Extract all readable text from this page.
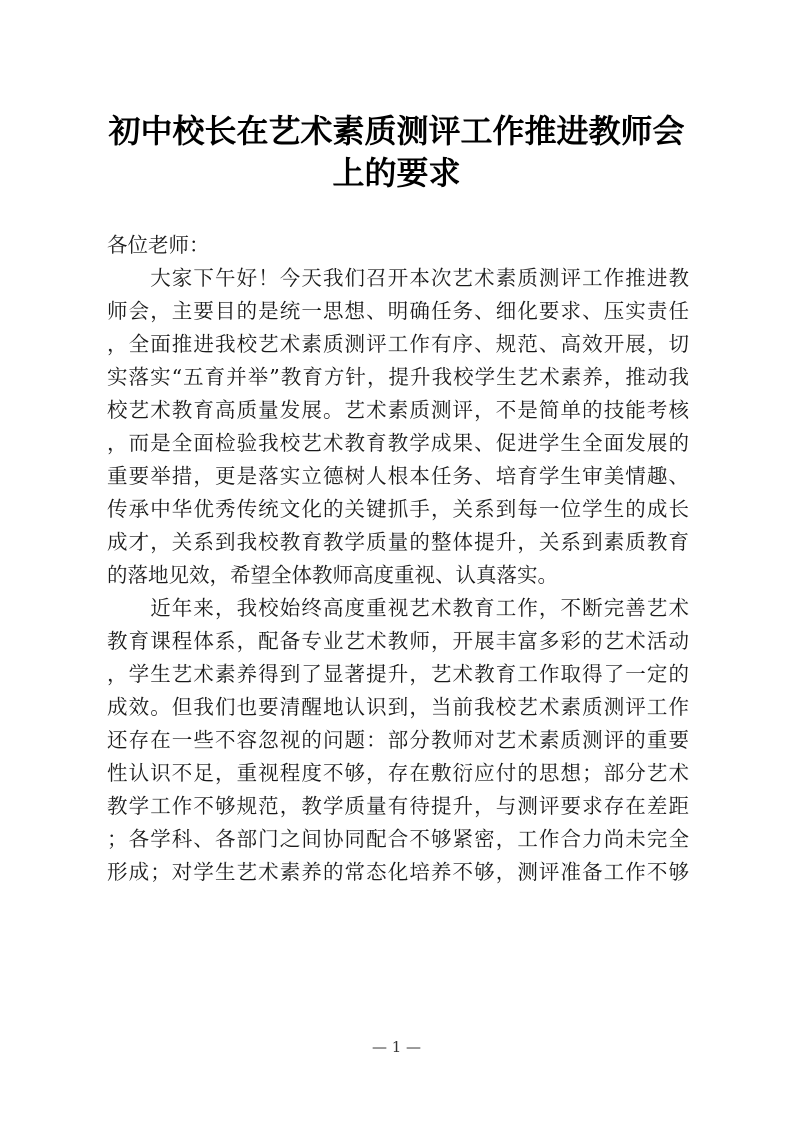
初中校长在艺术素质测评工作推进教师会
上的要求
各位老师：
　　大家下午好！今天我们召开本次艺术素质测评工作推进教
师会，主要目的是统一思想、明确任务、细化要求、压实责任
，全面推进我校艺术素质测评工作有序、规范、高效开展，切
实落实“五育并举”教育方针，提升我校学生艺术素养，推动我
校艺术教育高质量发展。艺术素质测评，不是简单的技能考核
，而是全面检验我校艺术教育教学成果、促进学生全面发展的
重要举措，更是落实立德树人根本任务、培育学生审美情趣、
传承中华优秀传统文化的关键抓手，关系到每一位学生的成长
成才，关系到我校教育教学质量的整体提升，关系到素质教育
的落地见效，希望全体教师高度重视、认真落实。
　　近年来，我校始终高度重视艺术教育工作，不断完善艺术
教育课程体系，配备专业艺术教师，开展丰富多彩的艺术活动
，学生艺术素养得到了显著提升，艺术教育工作取得了一定的
成效。但我们也要清醒地认识到，当前我校艺术素质测评工作
还存在一些不容忽视的问题：部分教师对艺术素质测评的重要
性认识不足，重视程度不够，存在敷衍应付的思想；部分艺术
教学工作不够规范，教学质量有待提升，与测评要求存在差距
；各学科、各部门之间协同配合不够紧密，工作合力尚未完全
形成；对学生艺术素养的常态化培养不够，测评准备工作不够
— 1 —
